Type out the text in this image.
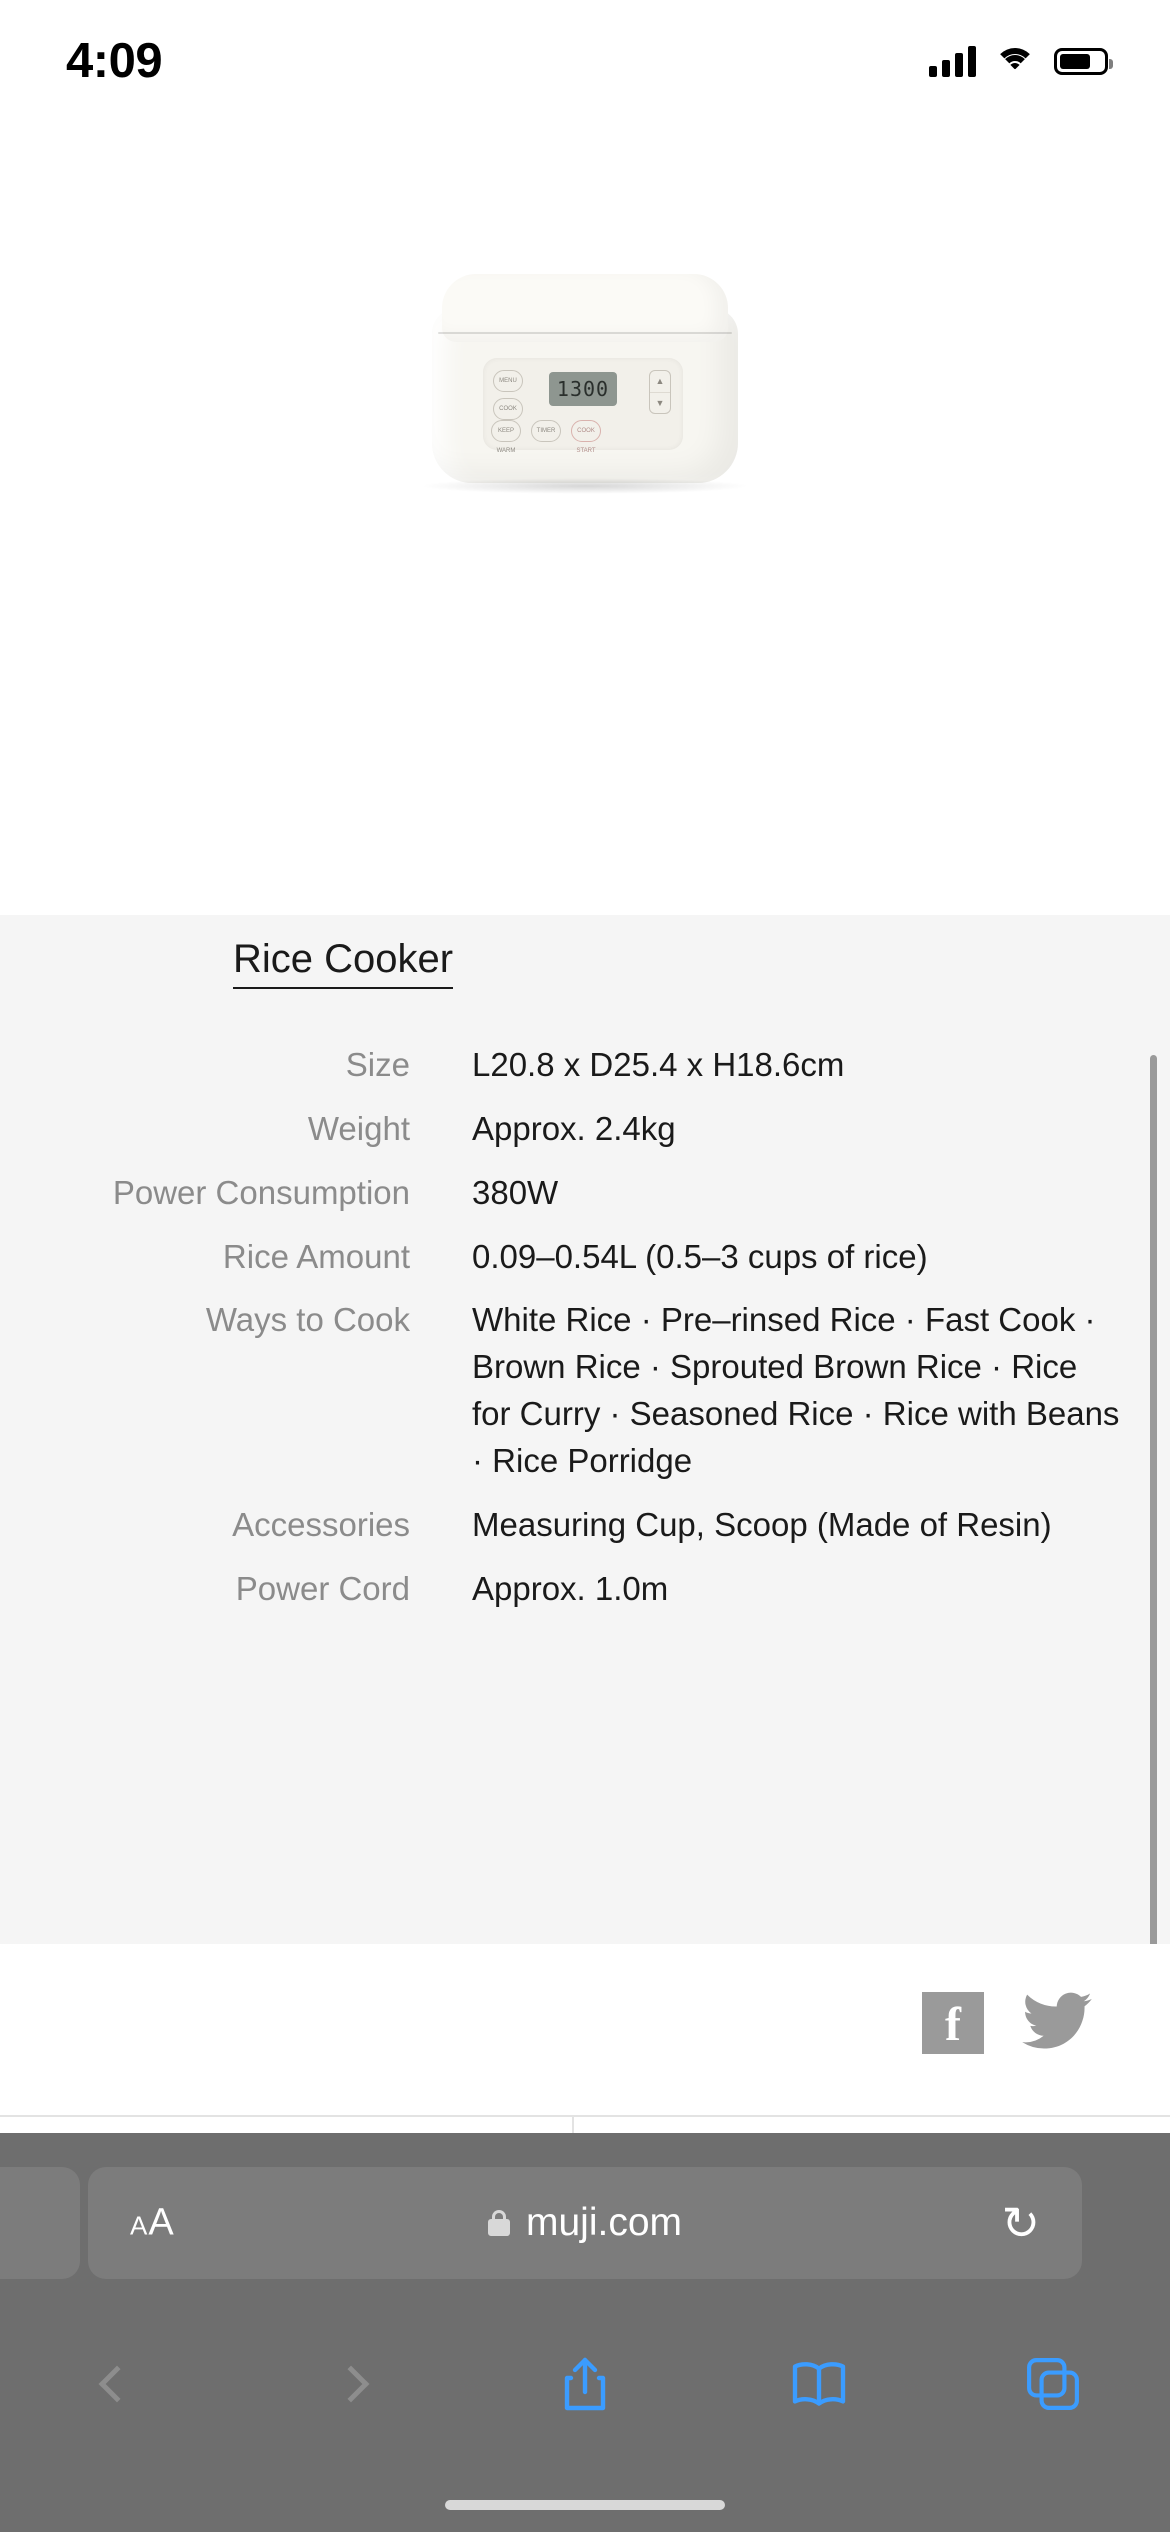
4:09
1300
MENU
COOK
KEEP WARM
TIMER	COOK START
▲
▼
Rice Cooker
Size L20.8 x D25.4 x H18.6cm
Weight Approx. 2.4kg
Power Consumption 380W
Rice Amount 0.09–0.54L (0.5–3 cups of rice)
Ways to Cook White Rice · Pre–rinsed Rice · Fast Cook · Brown Rice · Sprouted Brown Rice · Rice for Curry · Seasoned Rice · Rice with Beans · Rice Porridge
Accessories Measuring Cup, Scoop (Made of Resin)
Power Cord Approx. 1.0m
f
AA	muji.com	↻
